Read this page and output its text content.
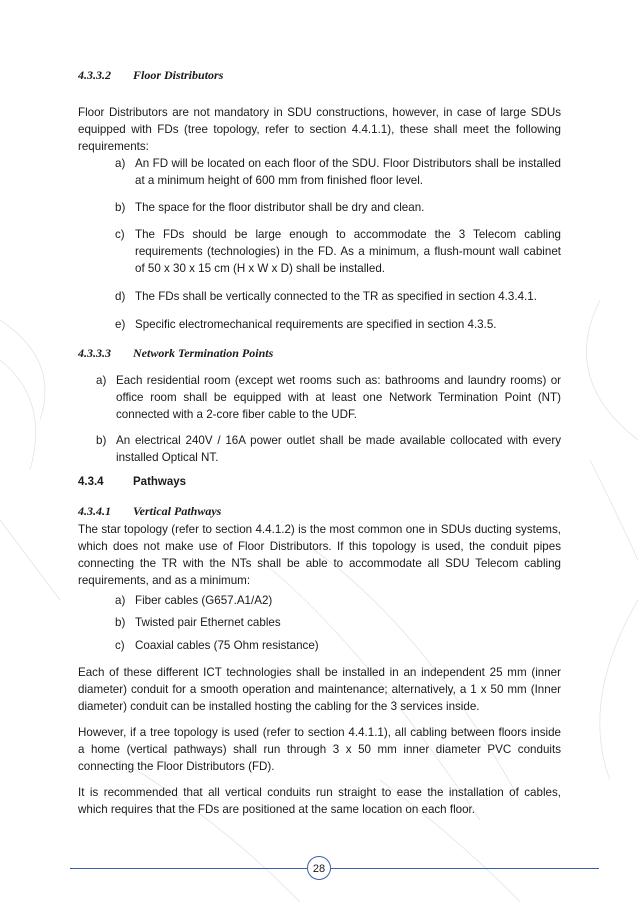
4.3.3.2 Floor Distributors
Floor Distributors are not mandatory in SDU constructions, however, in case of large SDUs equipped with FDs (tree topology, refer to section 4.4.1.1), these shall meet the following requirements:
a) An FD will be located on each floor of the SDU. Floor Distributors shall be installed at a minimum height of 600 mm from finished floor level.
b) The space for the floor distributor shall be dry and clean.
c) The FDs should be large enough to accommodate the 3 Telecom cabling requirements (technologies) in the FD. As a minimum, a flush-mount wall cabinet of 50 x 30 x 15 cm (H x W x D) shall be installed.
d) The FDs shall be vertically connected to the TR as specified in section 4.3.4.1.
e) Specific electromechanical requirements are specified in section 4.3.5.
4.3.3.3 Network Termination Points
a) Each residential room (except wet rooms such as: bathrooms and laundry rooms) or office room shall be equipped with at least one Network Termination Point (NT) connected with a 2-core fiber cable to the UDF.
b) An electrical 240V / 16A power outlet shall be made available collocated with every installed Optical NT.
4.3.4	Pathways
4.3.4.1 Vertical Pathways
The star topology (refer to section 4.4.1.2) is the most common one in SDUs ducting systems, which does not make use of Floor Distributors. If this topology is used, the conduit pipes connecting the TR with the NTs shall be able to accommodate all SDU Telecom cabling requirements, and as a minimum:
a) Fiber cables (G657.A1/A2)
b) Twisted pair Ethernet cables
c) Coaxial cables (75 Ohm resistance)
Each of these different ICT technologies shall be installed in an independent 25 mm (inner diameter) conduit for a smooth operation and maintenance; alternatively, a 1 x 50 mm (Inner diameter) conduit can be installed hosting the cabling for the 3 services inside.
However, if a tree topology is used (refer to section 4.4.1.1), all cabling between floors inside a home (vertical pathways) shall run through 3 x 50 mm inner diameter PVC conduits connecting the Floor Distributors (FD).
It is recommended that all vertical conduits run straight to ease the installation of cables, which requires that the FDs are positioned at the same location on each floor.
28
